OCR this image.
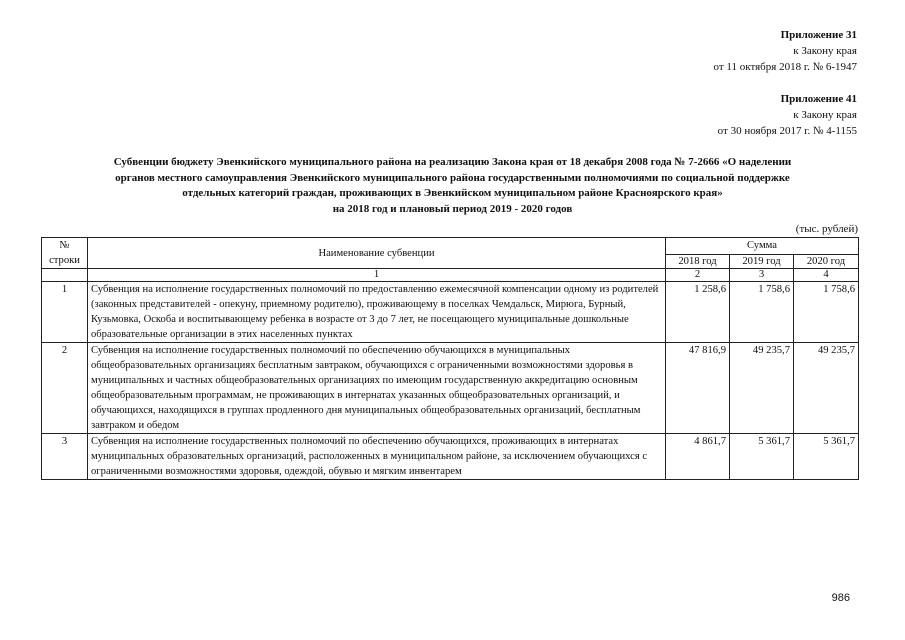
Приложение 31
к Закону края
от 11 октября 2018 г. № 6-1947
Приложение 41
к Закону края
от 30 ноября 2017 г. № 4-1155
Субвенции бюджету Эвенкийского муниципального района на реализацию Закона края от 18 декабря 2008 года № 7-2666 «О наделении
органов местного самоуправления Эвенкийского муниципального района государственными полномочиями по социальной поддержке
отдельных категорий граждан, проживающих в Эвенкийском муниципальном районе Красноярского края»
на 2018 год и плановый период 2019 - 2020 годов
(тыс. рублей)
№ строки	Наименование субвенции	Сумма		
		2018 год	2019 год	2020 год
	1	2	3	4
1	Субвенция на исполнение государственных полномочий по предоставлению ежемесячной компенсации одному из родителей (законных представителей - опекуну, приемному родителю), проживающему в поселках Чемдальск, Мирюга, Бурный, Кузьмовка, Оскоба и воспитывающему ребенка в возрасте от 3 до 7 лет, не посещающего муниципальные дошкольные образовательные организации в этих населенных пунктах	1 258,6	1 758,6	1 758,6
2	Субвенция на исполнение государственных полномочий по обеспечению обучающихся в муниципальных общеобразовательных организациях бесплатным завтраком, обучающихся с ограниченными возможностями здоровья в муниципальных и частных общеобразовательных организациях по имеющим государственную аккредитацию основным общеобразовательным программам, не проживающих в интернатах указанных общеобразовательных организаций, и обучающихся, находящихся в группах продленного дня муниципальных общеобразовательных организаций, бесплатным завтраком и обедом	47 816,9	49 235,7	49 235,7
3	Субвенция на исполнение государственных полномочий по обеспечению обучающихся, проживающих в интернатах муниципальных образовательных организаций, расположенных в муниципальном районе, за исключением обучающихся с ограниченными возможностями здоровья, одеждой, обувью и мягким инвентарем	4 861,7	5 361,7	5 361,7
986
